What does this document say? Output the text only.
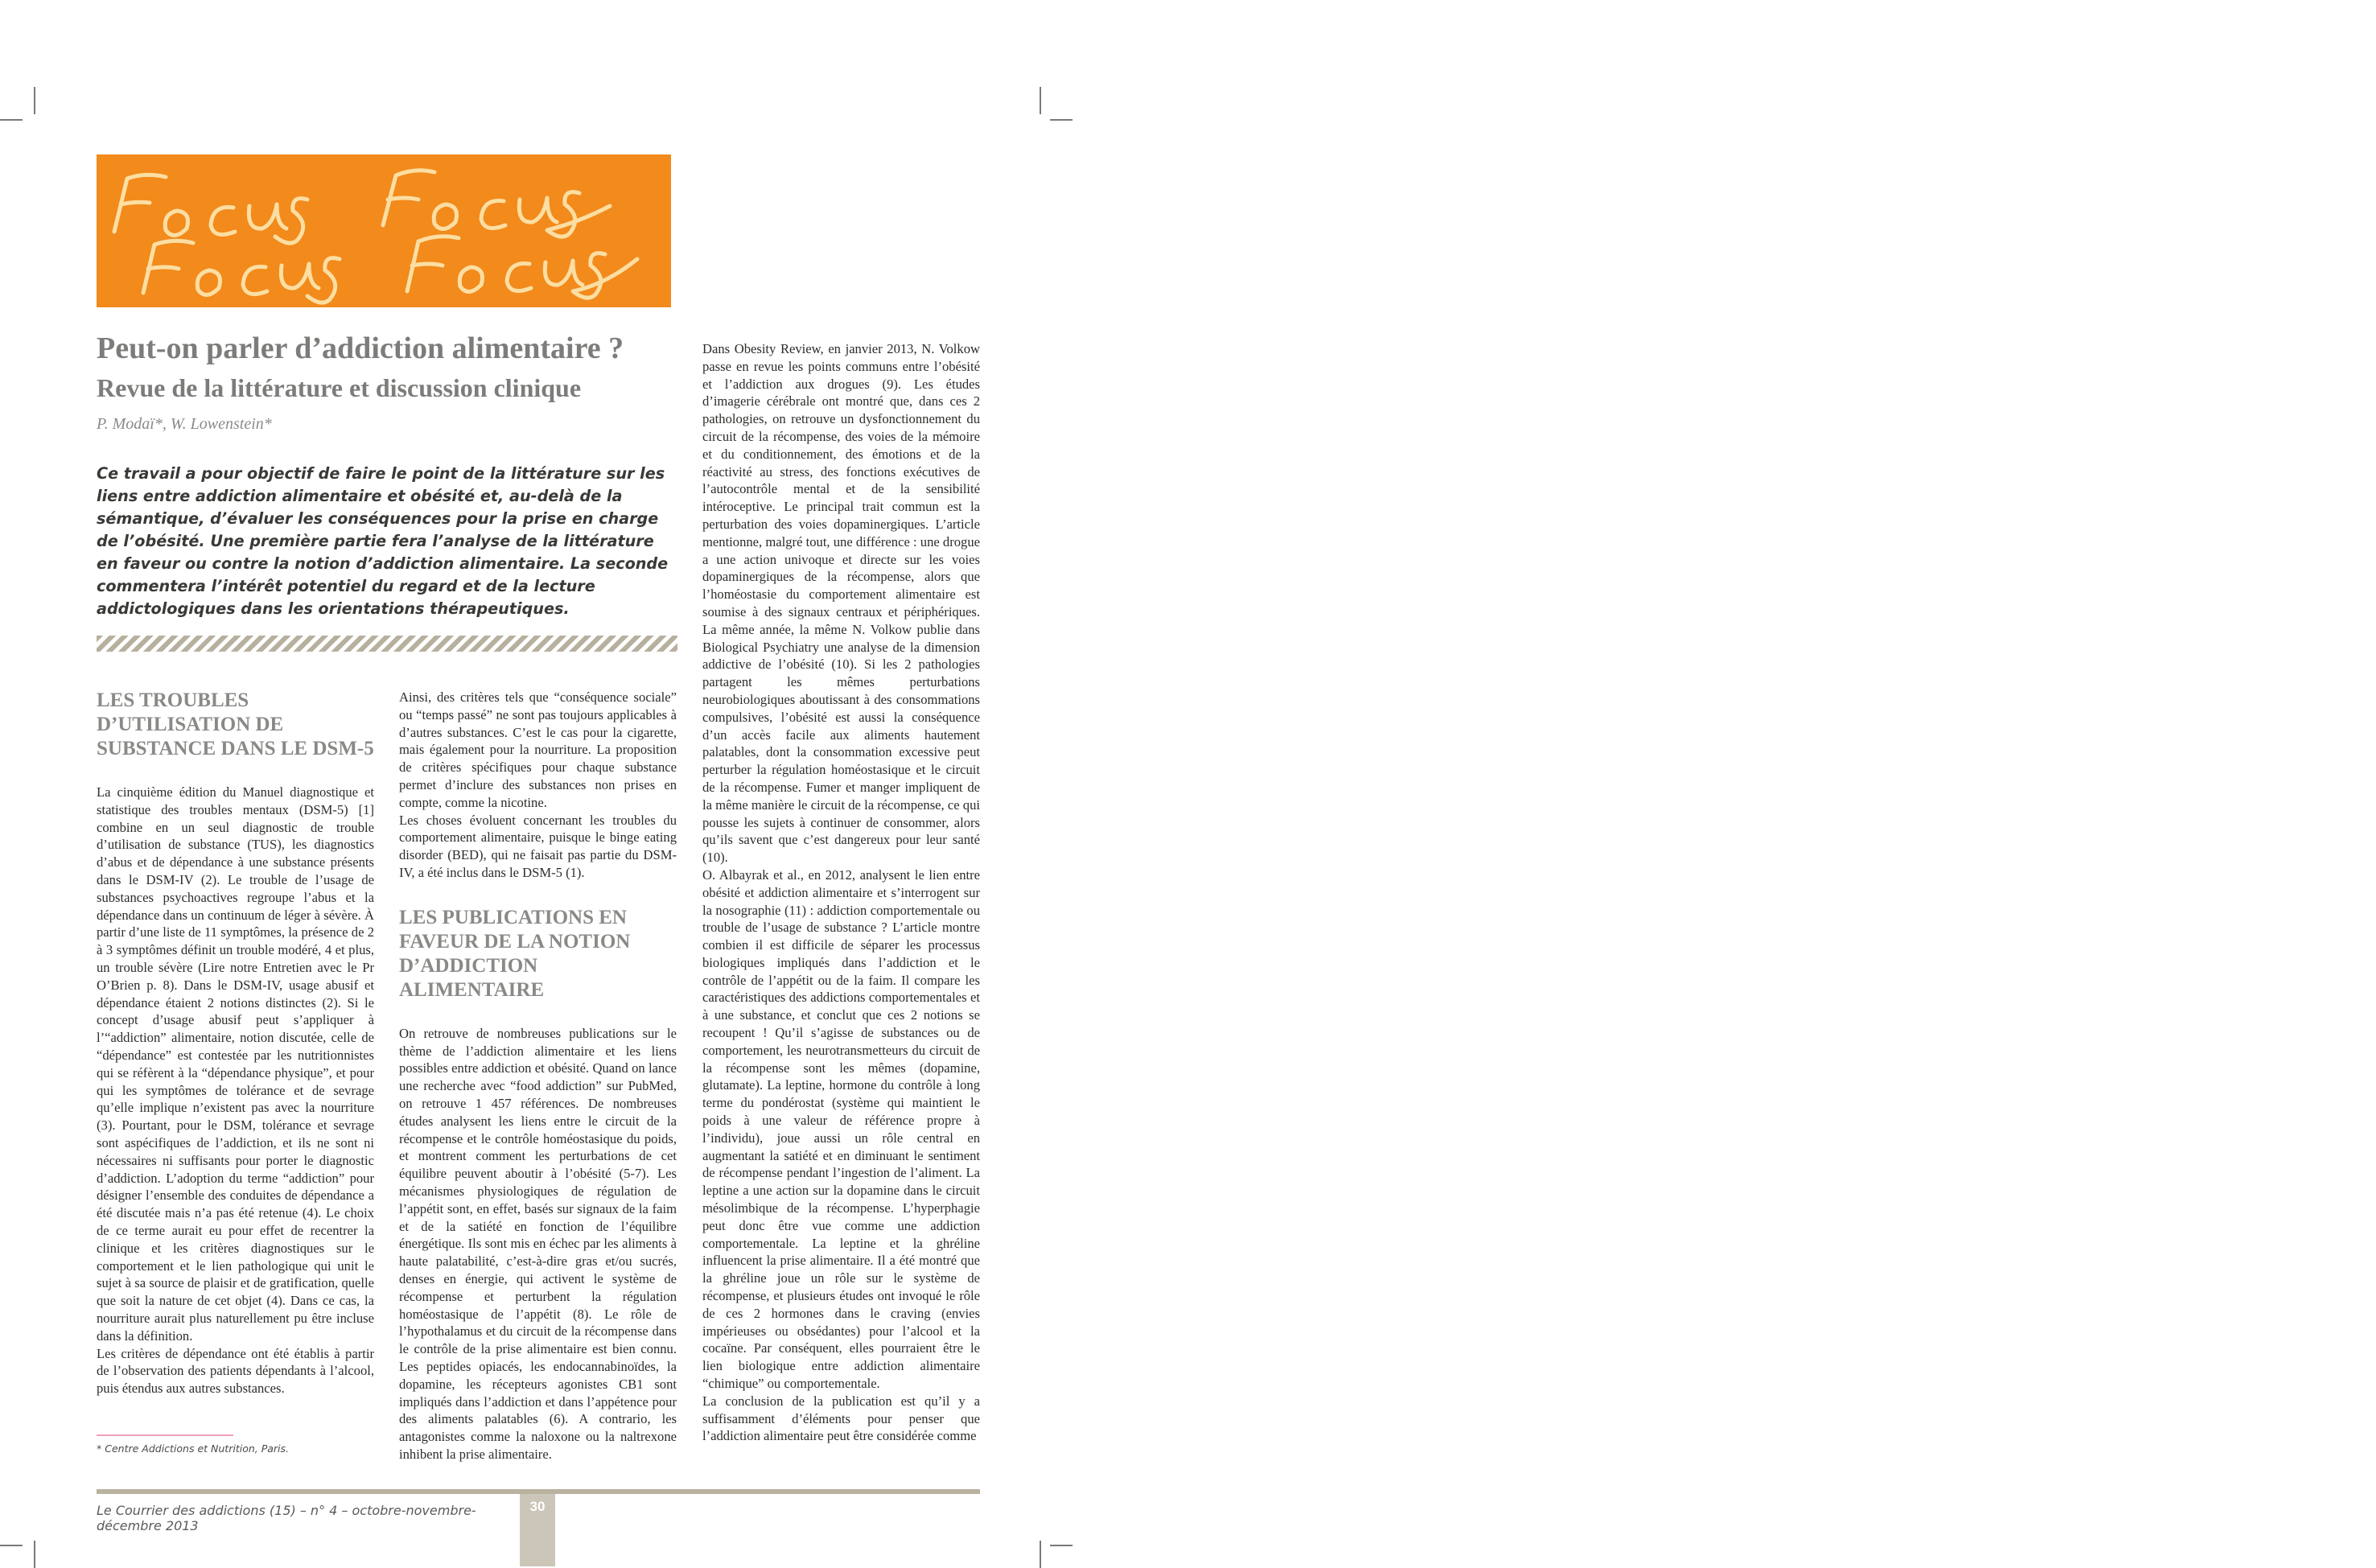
Peut-on parler d’addiction alimentaire ?
Revue de la littérature et discussion clinique
P. Modaï*, W. Lowenstein*

Ce travail a pour objectif de faire le point de la littérature sur les liens entre addiction alimentaire et obésité et, au-delà de la sémantique, d’évaluer les conséquences pour la prise en charge de l’obésité. Une première partie fera l’analyse de la littérature en faveur ou contre la notion d’addiction alimentaire. La seconde commentera l’intérêt potentiel du regard et de la lecture addictologiques dans les orientations thérapeutiques.

LES TROUBLES D’UTILISATION DE SUBSTANCE DANS LE DSM-5

La cinquième édition du Manuel diagnostique et statistique des troubles mentaux (DSM-5) [1] combine en un seul diagnostic de trouble d’utilisation de substance (TUS), les diagnostics d’abus et de dépendance à une substance présents dans le DSM-IV (2). Le trouble de l’usage de substances psychoactives regroupe l’abus et la dépendance dans un continuum de léger à sévère. À partir d’une liste de 11 symptômes, la présence de 2 à 3 symptômes définit un trouble modéré, 4 et plus, un trouble sévère (Lire notre Entretien avec le Pr O’Brien p. 8). Dans le DSM-IV, usage abusif et dépendance étaient 2 notions distinctes (2). Si le concept d’usage abusif peut s’appliquer à l’“addiction” alimentaire, notion discutée, celle de “dépendance” est contestée par les nutritionnistes qui se réfèrent à la “dépendance physique”, et pour qui les symptômes de tolérance et de sevrage qu’elle implique n’existent pas avec la nourriture (3). Pourtant, pour le DSM, tolérance et sevrage sont aspécifiques de l’addiction, et ils ne sont ni nécessaires ni suffisants pour porter le diagnostic d’addiction. L’adoption du terme “addiction” pour désigner l’ensemble des conduites de dépendance a été discutée mais n’a pas été retenue (4). Le choix de ce terme aurait eu pour effet de recentrer la clinique et les critères diagnostiques sur le comportement et le lien pathologique qui unit le sujet à sa source de plaisir et de gratification, quelle que soit la nature de cet objet (4). Dans ce cas, la nourriture aurait plus naturellement pu être incluse dans la définition.

Les critères de dépendance ont été établis à partir de l’observation des patients dépendants à l’alcool, puis étendus aux autres substances.

Ainsi, des critères tels que “conséquence sociale” ou “temps passé” ne sont pas toujours applicables à d’autres substances. C’est le cas pour la cigarette, mais également pour la nourriture. La proposition de critères spécifiques pour chaque substance permet d’inclure des substances non prises en compte, comme la nicotine.

Les choses évoluent concernant les troubles du comportement alimentaire, puisque le binge eating disorder (BED), qui ne faisait pas partie du DSM-IV, a été inclus dans le DSM-5 (1).

LES PUBLICATIONS EN FAVEUR DE LA NOTION D’ADDICTION ALIMENTAIRE

On retrouve de nombreuses publications sur le thème de l’addiction alimentaire et les liens possibles entre addiction et obésité. Quand on lance une recherche avec “food addiction” sur PubMed, on retrouve 1 457 références. De nombreuses études analysent les liens entre le circuit de la récompense et le contrôle homéostasique du poids, et montrent comment les perturbations de cet équilibre peuvent aboutir à l’obésité (5-7). Les mécanismes physiologiques de régulation de l’appétit sont, en effet, basés sur signaux de la faim et de la satiété en fonction de l’équilibre énergétique. Ils sont mis en échec par les aliments à haute palatabilité, c’est-à-dire gras et/ou sucrés, denses en énergie, qui activent le système de récompense et perturbent la régulation homéostasique de l’appétit (8). Le rôle de l’hypothalamus et du circuit de la récompense dans le contrôle de la prise alimentaire est bien connu. Les peptides opiacés, les endocannabinoïdes, la dopamine, les récepteurs agonistes CB1 sont impliqués dans l’addiction et dans l’appétence pour des aliments palatables (6). A contrario, les antagonistes comme la naloxone ou la naltrexone inhibent la prise alimentaire.

Dans Obesity Review, en janvier 2013, N. Volkow passe en revue les points communs entre l’obésité et l’addiction aux drogues (9). Les études d’imagerie cérébrale ont montré que, dans ces 2 pathologies, on retrouve un dysfonctionnement du circuit de la récompense, des voies de la mémoire et du conditionnement, des émotions et de la réactivité au stress, des fonctions exécutives de l’autocontrôle mental et de la sensibilité intéroceptive. Le principal trait commun est la perturbation des voies dopaminergiques. L’article mentionne, malgré tout, une différence : une drogue a une action univoque et directe sur les voies dopaminergiques de la récompense, alors que l’homéostasie du comportement alimentaire est soumise à des signaux centraux et périphériques. La même année, la même N. Volkow publie dans Biological Psychiatry une analyse de la dimension addictive de l’obésité (10). Si les 2 pathologies partagent les mêmes perturbations neurobiologiques aboutissant à des consommations compulsives, l’obésité est aussi la conséquence d’un accès facile aux aliments hautement palatables, dont la consommation excessive peut perturber la régulation homéostasique et le circuit de la récompense. Fumer et manger impliquent de la même manière le circuit de la récompense, ce qui pousse les sujets à continuer de consommer, alors qu’ils savent que c’est dangereux pour leur santé (10).

O. Albayrak et al., en 2012, analysent le lien entre obésité et addiction alimentaire et s’interrogent sur la nosographie (11) : addiction comportementale ou trouble de l’usage de substance ? L’article montre combien il est difficile de séparer les processus biologiques impliqués dans l’addiction et le contrôle de l’appétit ou de la faim. Il compare les caractéristiques des addictions comportementales et à une substance, et conclut que ces 2 notions se recoupent ! Qu’il s’agisse de substances ou de comportement, les neurotransmetteurs du circuit de la récompense sont les mêmes (dopamine, glutamate). La leptine, hormone du contrôle à long terme du pondérostat (système qui maintient le poids à une valeur de référence propre à l’individu), joue aussi un rôle central en augmentant la satiété et en diminuant le sentiment de récompense pendant l’ingestion de l’aliment. La leptine a une action sur la dopamine dans le circuit mésolimbique de la récompense. L’hyperphagie peut donc être vue comme une addiction comportementale. La leptine et la ghréline influencent la prise alimentaire. Il a été montré que la ghréline joue un rôle sur le système de récompense, et plusieurs études ont invoqué le rôle de ces 2 hormones dans le craving (envies impérieuses ou obsédantes) pour l’alcool et la cocaïne. Par conséquent, elles pourraient être le lien biologique entre addiction alimentaire “chimique” ou comportementale.

La conclusion de la publication est qu’il y a suffisamment d’éléments pour penser que l’addiction alimentaire peut être considérée comme

* Centre Addictions et Nutrition, Paris.
Le Courrier des addictions (15) – n° 4 – octobre-novembre-décembre 2013
30
